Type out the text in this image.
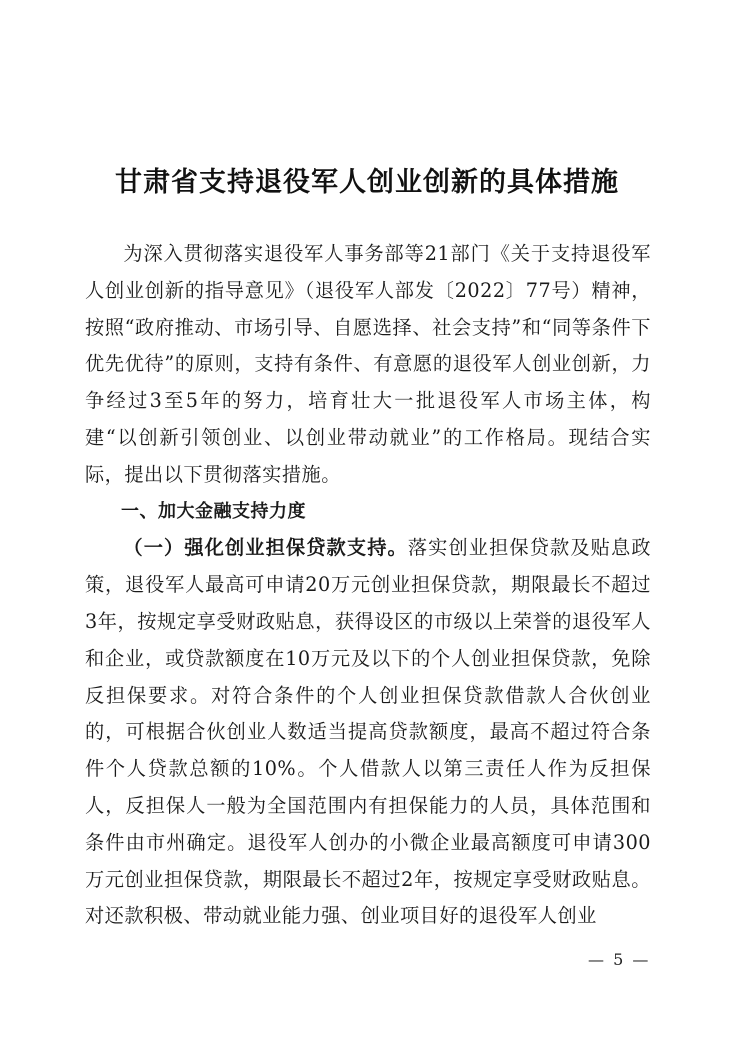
甘肃省支持退役军人创业创新的具体措施

为深入贯彻落实退役军人事务部等21部门《关于支持退役军人创业创新的指导意见》（退役军人部发〔2022〕77号）精神，按照“政府推动、市场引导、自愿选择、社会支持”和“同等条件下优先优待”的原则，支持有条件、有意愿的退役军人创业创新，力争经过3至5年的努力，培育壮大一批退役军人市场主体，构建“以创新引领创业、以创业带动就业”的工作格局。现结合实际，提出以下贯彻落实措施。

一、加大金融支持力度

（一）强化创业担保贷款支持。落实创业担保贷款及贴息政策，退役军人最高可申请20万元创业担保贷款，期限最长不超过3年，按规定享受财政贴息，获得设区的市级以上荣誉的退役军人和企业，或贷款额度在10万元及以下的个人创业担保贷款，免除反担保要求。对符合条件的个人创业担保贷款借款人合伙创业的，可根据合伙创业人数适当提高贷款额度，最高不超过符合条件个人贷款总额的10%。个人借款人以第三责任人作为反担保人，反担保人一般为全国范围内有担保能力的人员，具体范围和条件由市州确定。退役军人创办的小微企业最高额度可申请300万元创业担保贷款，期限最长不超过2年，按规定享受财政贴息。对还款积极、带动就业能力强、创业项目好的退役军人创业

— 5 —
